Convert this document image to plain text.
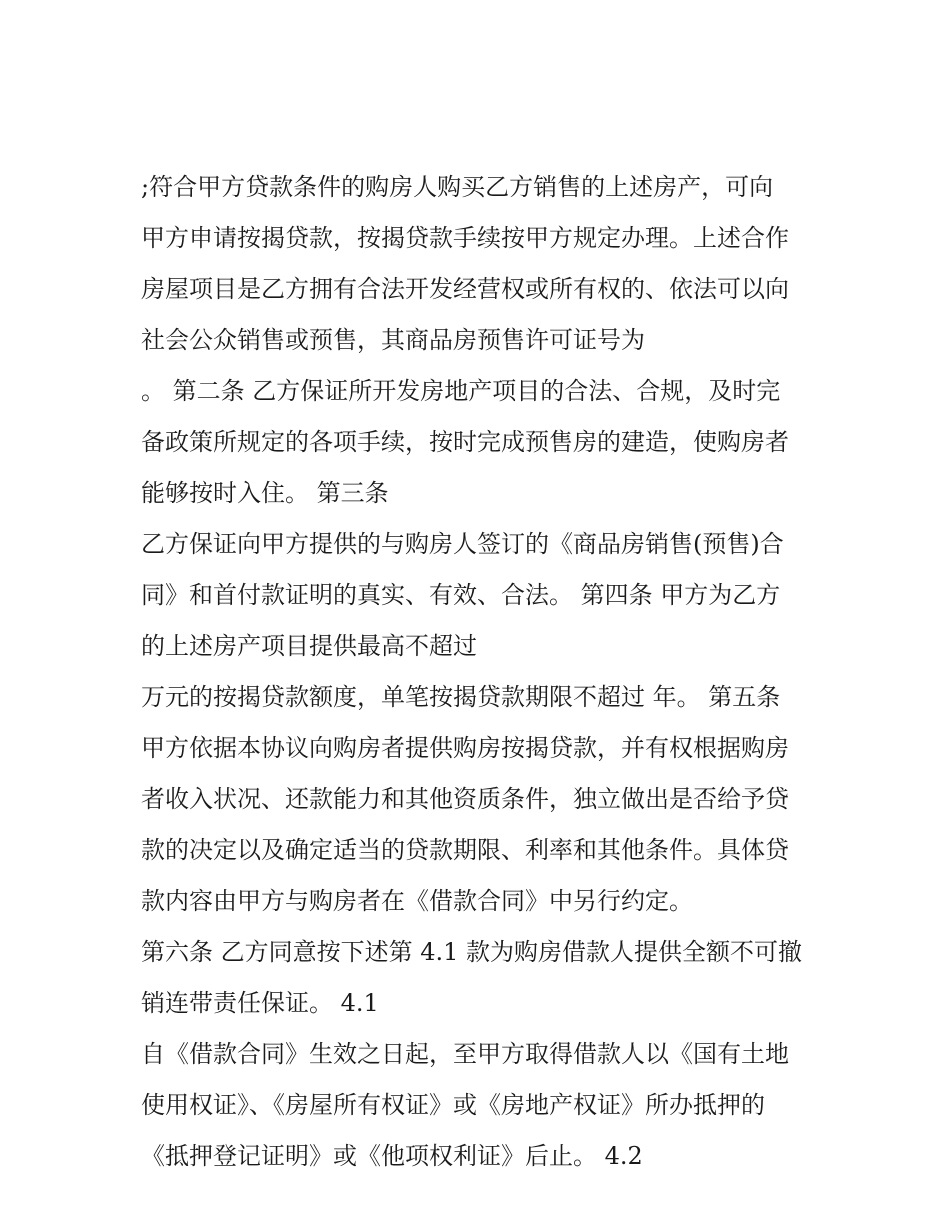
;符合甲方贷款条件的购房人购买乙方销售的上述房产，可向
甲方申请按揭贷款，按揭贷款手续按甲方规定办理。上述合作
房屋项目是乙方拥有合法开发经营权或所有权的、依法可以向
社会公众销售或预售，其商品房预售许可证号为
。 第二条 乙方保证所开发房地产项目的合法、合规，及时完
备政策所规定的各项手续，按时完成预售房的建造，使购房者
能够按时入住。 第三条
乙方保证向甲方提供的与购房人签订的《商品房销售(预售)合
同》和首付款证明的真实、有效、合法。 第四条 甲方为乙方
的上述房产项目提供最高不超过
万元的按揭贷款额度，单笔按揭贷款期限不超过 年。 第五条
甲方依据本协议向购房者提供购房按揭贷款，并有权根据购房
者收入状况、还款能力和其他资质条件，独立做出是否给予贷
款的决定以及确定适当的贷款期限、利率和其他条件。具体贷
款内容由甲方与购房者在《借款合同》中另行约定。
第六条 乙方同意按下述第 4.1 款为购房借款人提供全额不可撤
销连带责任保证。 4.1
自《借款合同》生效之日起，至甲方取得借款人以《国有土地
使用权证》、《房屋所有权证》或《房地产权证》所办抵押的
《抵押登记证明》或《他项权利证》后止。 4.2
